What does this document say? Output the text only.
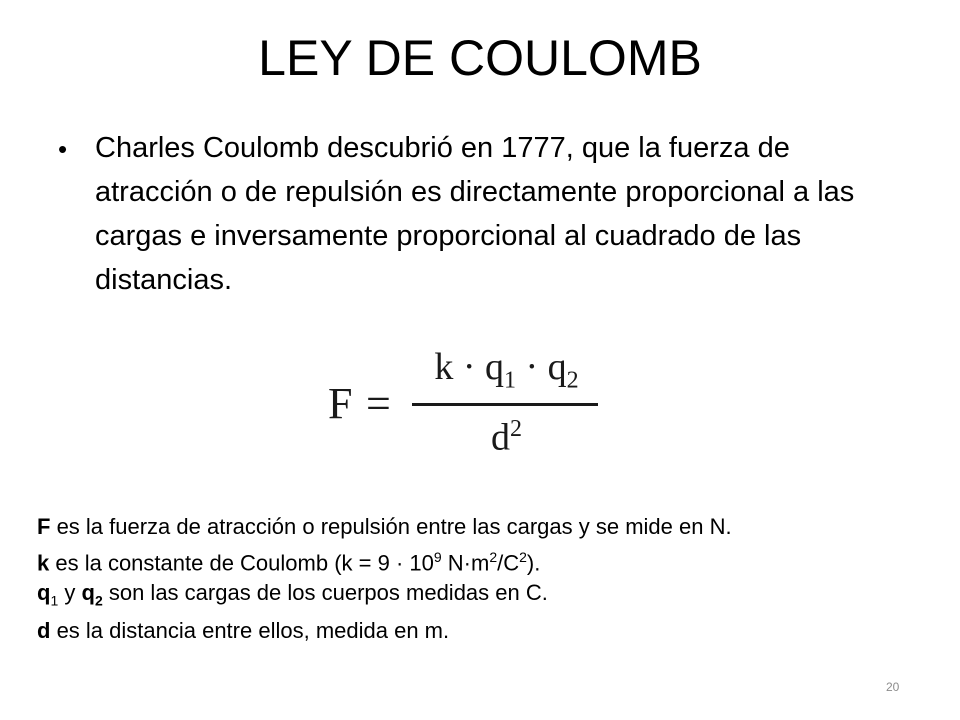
LEY DE COULOMB
• Charles Coulomb descubrió en 1777, que la fuerza de atracción o de repulsión es directamente proporcional a las cargas e inversamente proporcional al cuadrado de las distancias.

F =
$k \cdot q_1 \cdot q_2$
$d^2$

F es la fuerza de atracción o repulsión entre las cargas y se mide en N.

k es la constante de Coulomb ($k = 9 \cdot 10^9$ $N\cdot m^2/C^2$).

$q_1$ y $q_2$ son las cargas de los cuerpos medidas en C.

d es la distancia entre ellos, medida en m.

20
